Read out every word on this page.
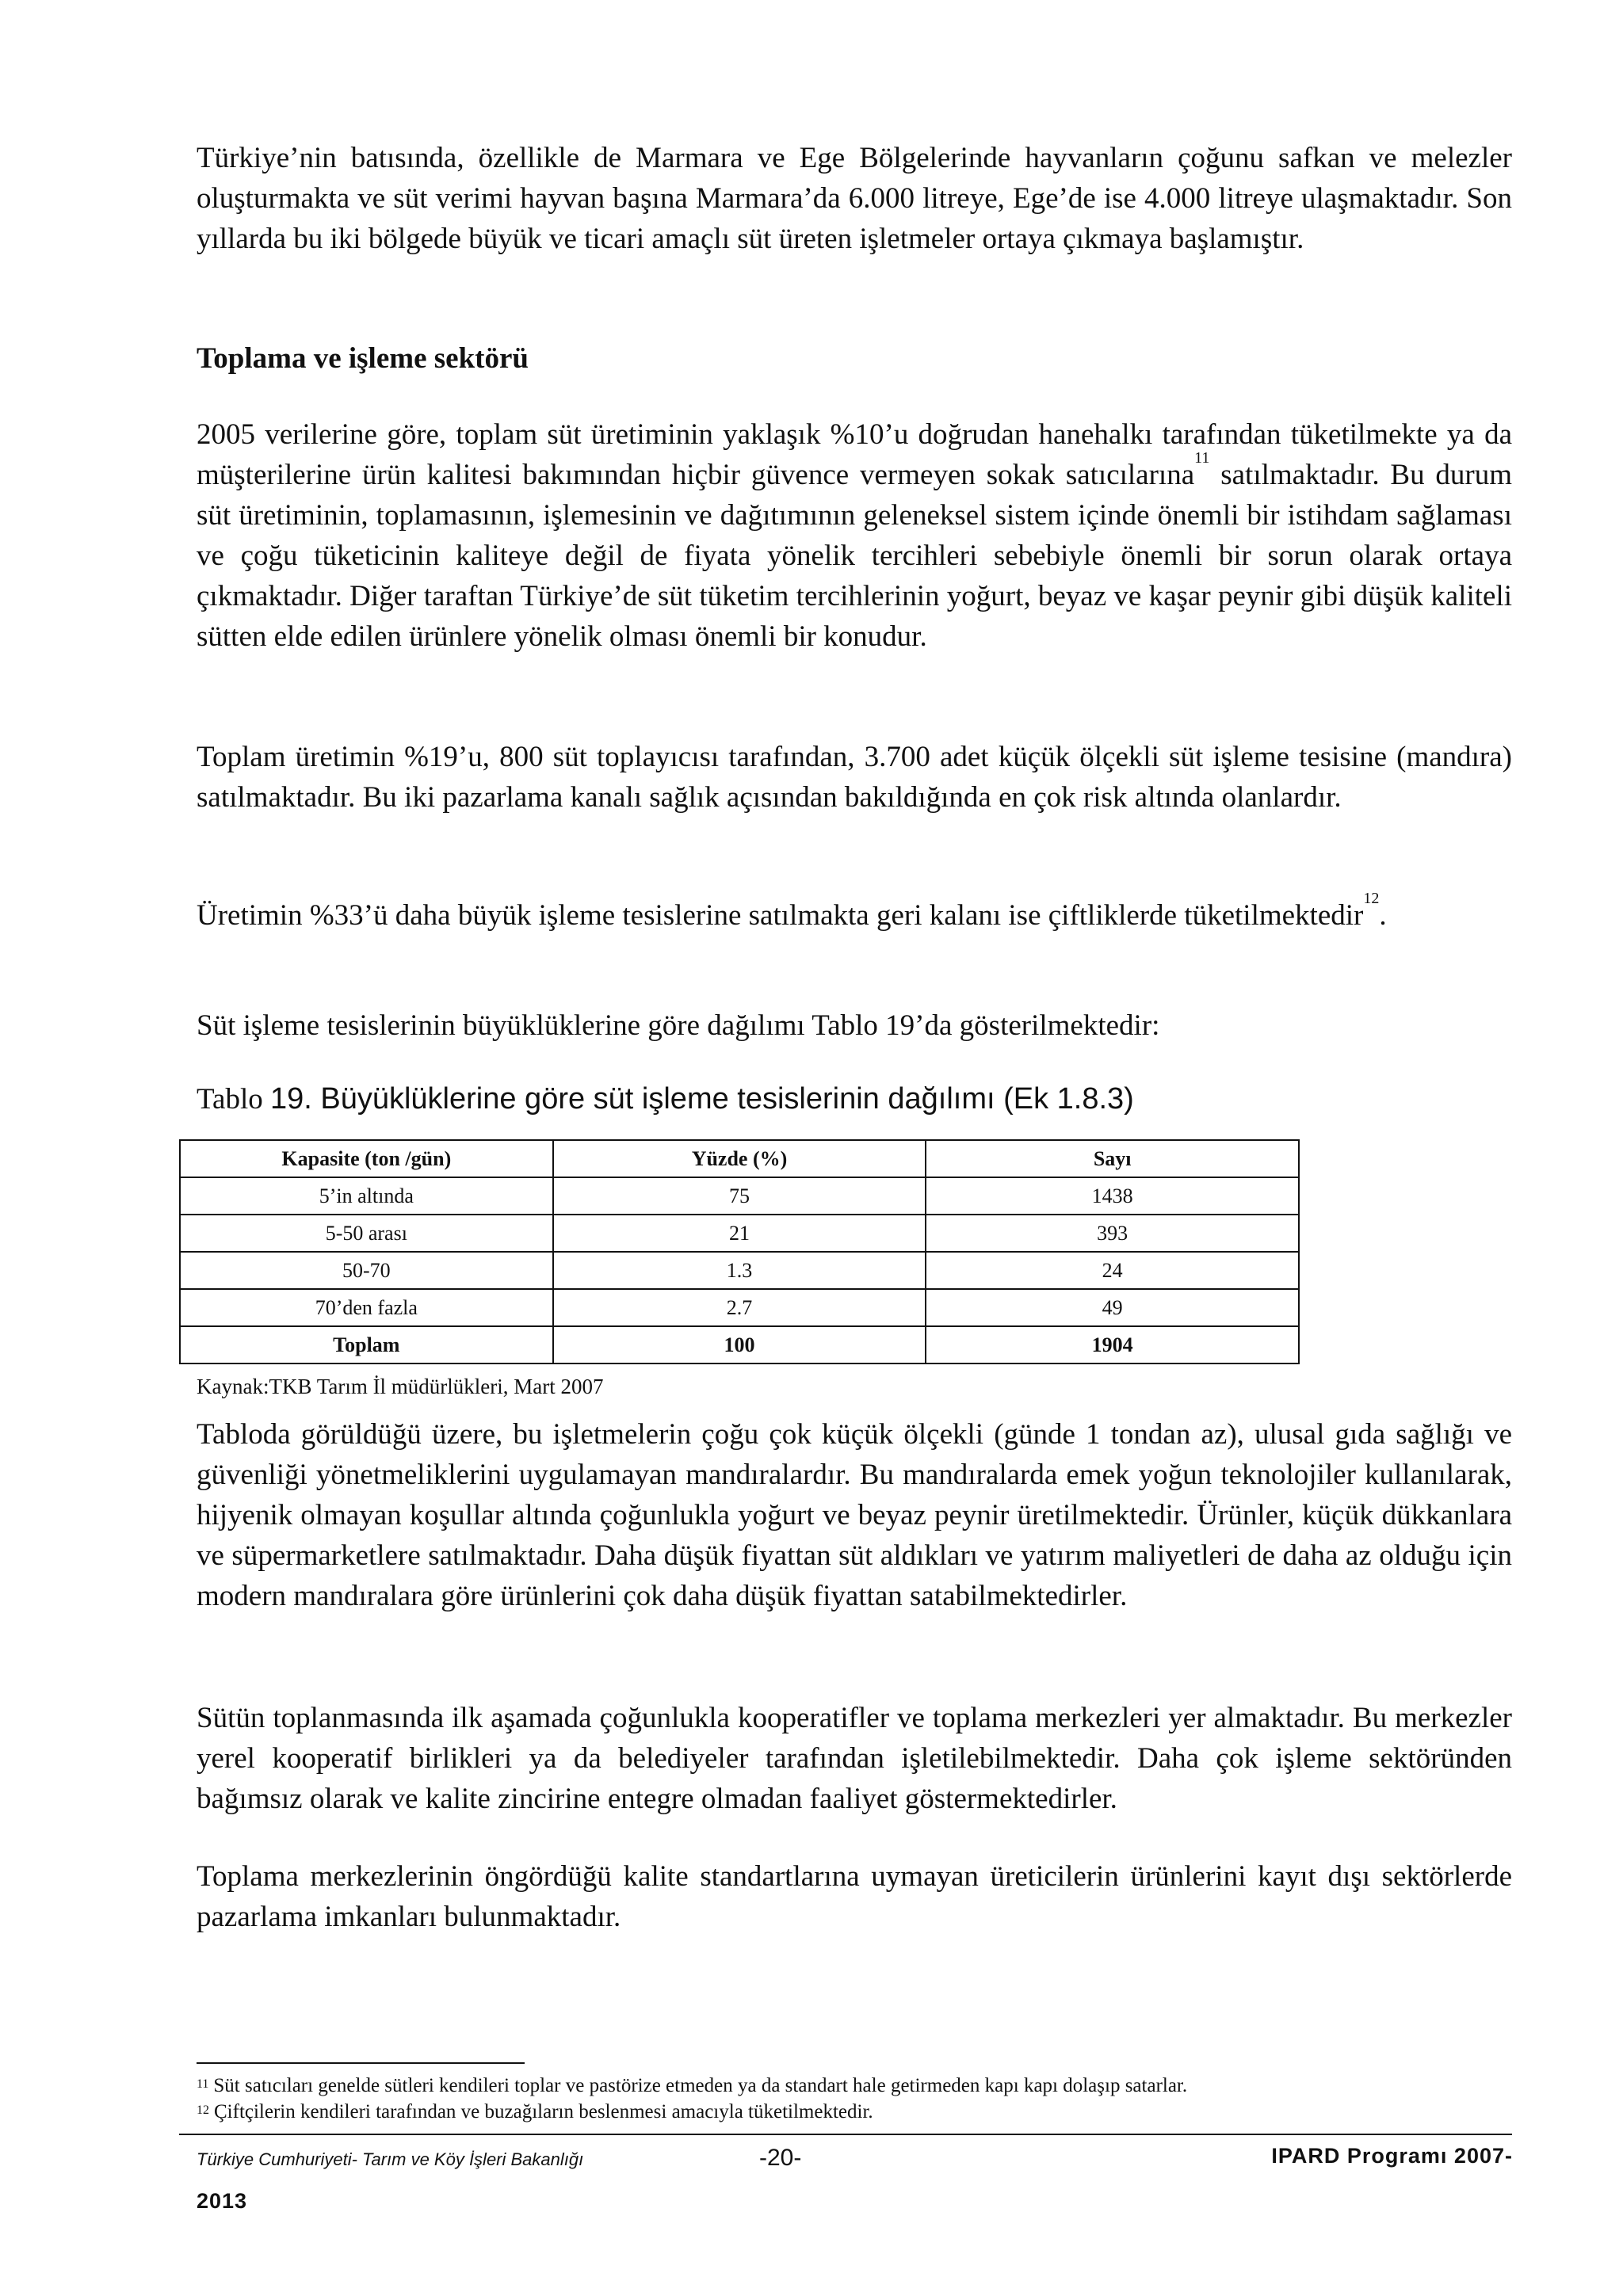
Türkiye’nin batısında, özellikle de Marmara ve Ege Bölgelerinde hayvanların çoğunu safkan ve melezler oluşturmakta ve süt verimi hayvan başına Marmara’da 6.000 litreye, Ege’de ise 4.000 litreye ulaşmaktadır. Son yıllarda bu iki bölgede büyük ve ticari amaçlı süt üreten işletmeler ortaya çıkmaya başlamıştır.

Toplama ve işleme sektörü

2005 verilerine göre, toplam süt üretiminin yaklaşık %10’u doğrudan hanehalkı tarafından tüketilmekte ya da müşterilerine ürün kalitesi bakımından hiçbir güvence vermeyen sokak satıcılarına$^{11}$ satılmaktadır. Bu durum süt üretiminin, toplamasının, işlemesinin ve dağıtımının geleneksel sistem içinde önemli bir istihdam sağlaması ve çoğu tüketicinin kaliteye değil de fiyata yönelik tercihleri sebebiyle önemli bir sorun olarak ortaya çıkmaktadır. Diğer taraftan Türkiye’de süt tüketim tercihlerinin yoğurt, beyaz ve kaşar peynir gibi düşük kaliteli sütten elde edilen ürünlere yönelik olması önemli bir konudur.

Toplam üretimin %19’u, 800 süt toplayıcısı tarafından, 3.700 adet küçük ölçekli süt işleme tesisine (mandıra) satılmaktadır. Bu iki pazarlama kanalı sağlık açısından bakıldığında en çok risk altında olanlardır.

Üretimin %33’ü daha büyük işleme tesislerine satılmakta geri kalanı ise çiftliklerde tüketilmektedir$^{12}$.

Süt işleme tesislerinin büyüklüklerine göre dağılımı Tablo 19’da gösterilmektedir:

Tablo 19. Büyüklüklerine göre süt işleme tesislerinin dağılımı (Ek 1.8.3)
Kapasite (ton /gün)	Yüzde (%)	Sayı
5’in altında	75	1438
5-50 arası	21	393
50-70	1.3	24
70’den fazla	2.7	49
Toplam	100	1904
Kaynak:TKB Tarım İl müdürlükleri, Mart 2007

Tabloda görüldüğü üzere, bu işletmelerin çoğu çok küçük ölçekli (günde 1 tondan az), ulusal gıda sağlığı ve güvenliği yönetmeliklerini uygulamayan mandıralardır. Bu mandıralarda emek yoğun teknolojiler kullanılarak, hijyenik olmayan koşullar altında çoğunlukla yoğurt ve beyaz peynir üretilmektedir. Ürünler, küçük dükkanlara ve süpermarketlere satılmaktadır. Daha düşük fiyattan süt aldıkları ve yatırım maliyetleri de daha az olduğu için modern mandıralara göre ürünlerini çok daha düşük fiyattan satabilmektedirler.

Sütün toplanmasında ilk aşamada çoğunlukla kooperatifler ve toplama merkezleri yer almaktadır. Bu merkezler yerel kooperatif birlikleri ya da belediyeler tarafından işletilebilmektedir. Daha çok işleme sektöründen bağımsız olarak ve kalite zincirine entegre olmadan faaliyet göstermektedirler.

Toplama merkezlerinin öngördüğü kalite standartlarına uymayan üreticilerin ürünlerini kayıt dışı sektörlerde pazarlama imkanları bulunmaktadır.

$^{11}$ Süt satıcıları genelde sütleri kendileri toplar ve pastörize etmeden ya da standart hale getirmeden kapı kapı dolaşıp satarlar.
$^{12}$ Çiftçilerin kendileri tarafından ve buzağıların beslenmesi amacıyla tüketilmektedir.
Türkiye Cumhuriyeti- Tarım ve Köy İşleri Bakanlığı	-20-	IPARD Programı 2007-
2013
